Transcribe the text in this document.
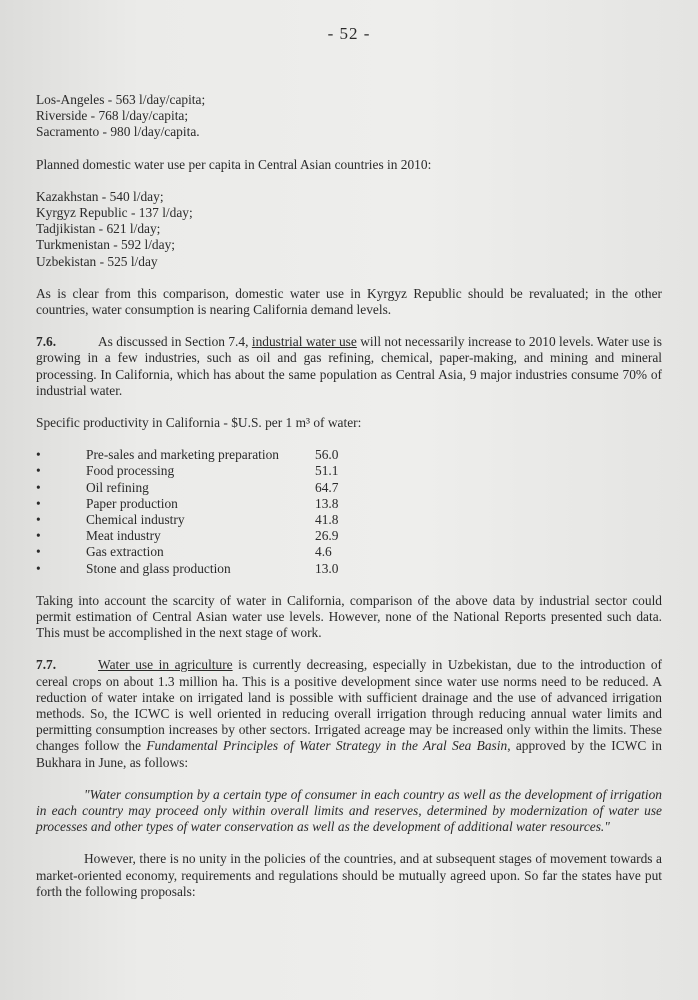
- 52 -
Los-Angeles - 563 l/day/capita;
Riverside - 768 l/day/capita;
Sacramento - 980 l/day/capita.
Planned domestic water use per capita in Central Asian countries in 2010:
Kazakhstan - 540 l/day;
Kyrgyz Republic - 137 l/day;
Tadjikistan - 621 l/day;
Turkmenistan - 592 l/day;
Uzbekistan - 525 l/day
As is clear from this comparison, domestic water use in Kyrgyz Republic should be revaluated; in the other countries, water consumption is nearing California demand levels.
7.6.	As discussed in Section 7.4, industrial water use will not necessarily increase to 2010 levels. Water use is growing in a few industries, such as oil and gas refining, chemical, paper-making, and mining and mineral processing. In California, which has about the same population as Central Asia, 9 major industries consume 70% of industrial water.
Specific productivity in California - $U.S. per 1 m³ of water:
•	Pre-sales and marketing preparation	56.0
•	Food processing	51.1
•	Oil refining	64.7
•	Paper production	13.8
•	Chemical industry	41.8
•	Meat industry	26.9
•	Gas extraction	4.6
•	Stone and glass production	13.0
Taking into account the scarcity of water in California, comparison of the above data by industrial sector could permit estimation of Central Asian water use levels. However, none of the National Reports presented such data. This must be accomplished in the next stage of work.
7.7.	Water use in agriculture is currently decreasing, especially in Uzbekistan, due to the introduction of cereal crops on about 1.3 million ha. This is a positive development since water use norms need to be reduced. A reduction of water intake on irrigated land is possible with sufficient drainage and the use of advanced irrigation methods. So, the ICWC is well oriented in reducing overall irrigation through reducing annual water limits and permitting consumption increases by other sectors. Irrigated acreage may be increased only within the limits. These changes follow the Fundamental Principles of Water Strategy in the Aral Sea Basin, approved by the ICWC in Bukhara in June, as follows:
"Water consumption by a certain type of consumer in each country as well as the development of irrigation in each country may proceed only within overall limits and reserves, determined by modernization of water use processes and other types of water conservation as well as the development of additional water resources."
However, there is no unity in the policies of the countries, and at subsequent stages of movement towards a market-oriented economy, requirements and regulations should be mutually agreed upon. So far the states have put forth the following proposals:
